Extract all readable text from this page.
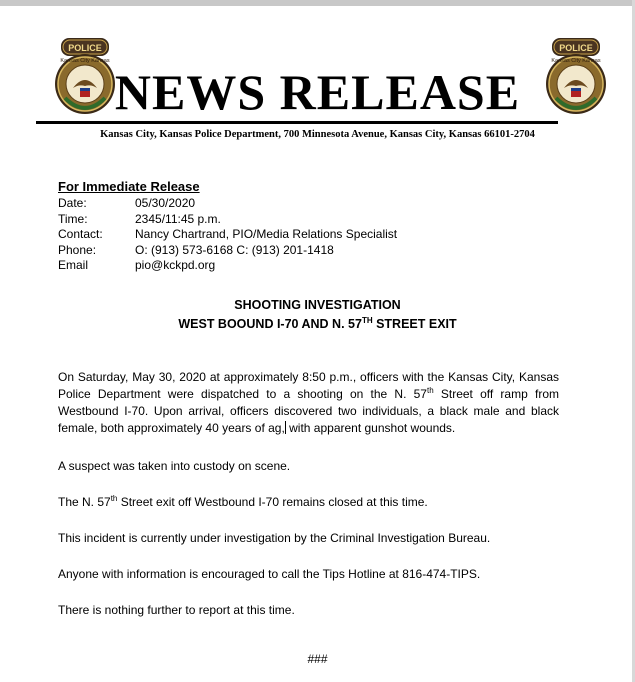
POLICE
Kansas City Kansas
POLICE
Kansas City Kansas
NEWS RELEASE
Kansas City, Kansas Police Department, 700 Minnesota Avenue, Kansas City, Kansas 66101-2704
For Immediate Release
Date:	05/30/2020
Time:	2345/11:45 p.m.
Contact:	Nancy Chartrand, PIO/Media Relations Specialist
Phone:	O: (913) 573-6168 C: (913) 201-1418
Email	pio@kckpd.org
SHOOTING INVESTIGATION
WEST BOOUND I-70 AND N. 57TH STREET EXIT
On Saturday, May 30, 2020 at approximately 8:50 p.m., officers with the Kansas City, Kansas Police Department were dispatched to a shooting on the N. 57th Street off ramp from Westbound I-70. Upon arrival, officers discovered two individuals, a black male and black female, both approximately 40 years of ag, with apparent gunshot wounds.
A suspect was taken into custody on scene.
The N. 57th Street exit off Westbound I-70 remains closed at this time.
This incident is currently under investigation by the Criminal Investigation Bureau.
Anyone with information is encouraged to call the Tips Hotline at 816-474-TIPS.
There is nothing further to report at this time.
###
